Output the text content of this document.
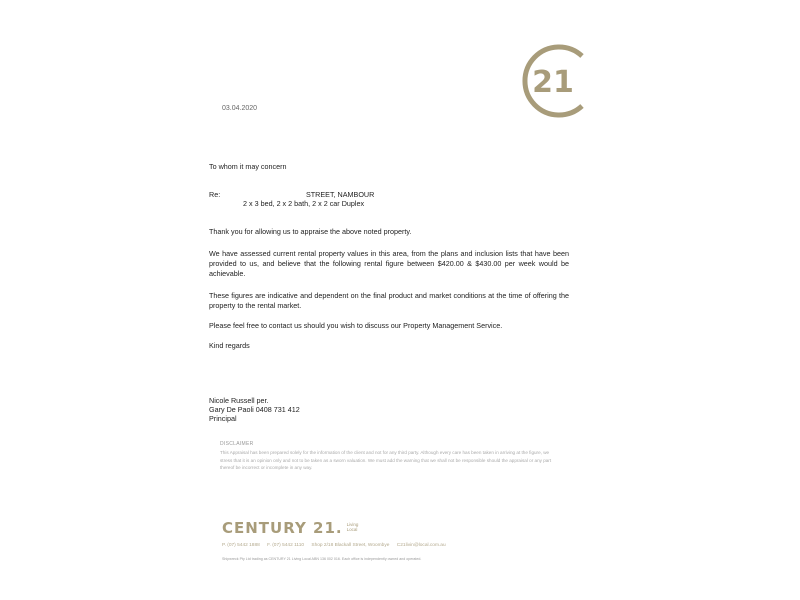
21
03.04.2020
To whom it may concern
Re:	STREET, NAMBOUR
2 x 3 bed, 2 x 2 bath, 2 x 2 car Duplex
Thank you for allowing us to appraise the above noted property.
We have assessed current rental property values in this area, from the plans and inclusion lists that have been provided to us, and believe that the following rental figure between $420.00 & $430.00 per week would be achievable.
These figures are indicative and dependent on the final product and market conditions at the time of offering the property to the rental market.
Please feel free to contact us should you wish to discuss our Property Management Service.
Kind regards
Nicole Russell per.
Gary De Paoli 0408 731 412
Principal
DISCLAIMER
This Appraisal has been prepared solely for the information of the client and not for any third party. Although every care has been taken in arriving at the figure, we stress that it is an opinion only and not to be taken as a sworn valuation. We must add the warning that we shall not be responsible should the appraisal or any part thereof be incorrect or incomplete in any way.
CENTURY 21. Living
Local
P. (07) 5442 1888 F. (07) 5442 1110 Shop 2/18 Blackall Street, Woombye C21livin@local.com.au
Shipwreck Pty Ltd trading as CENTURY 21 Living Local ABN 136 002 016. Each office is independently owned and operated.
